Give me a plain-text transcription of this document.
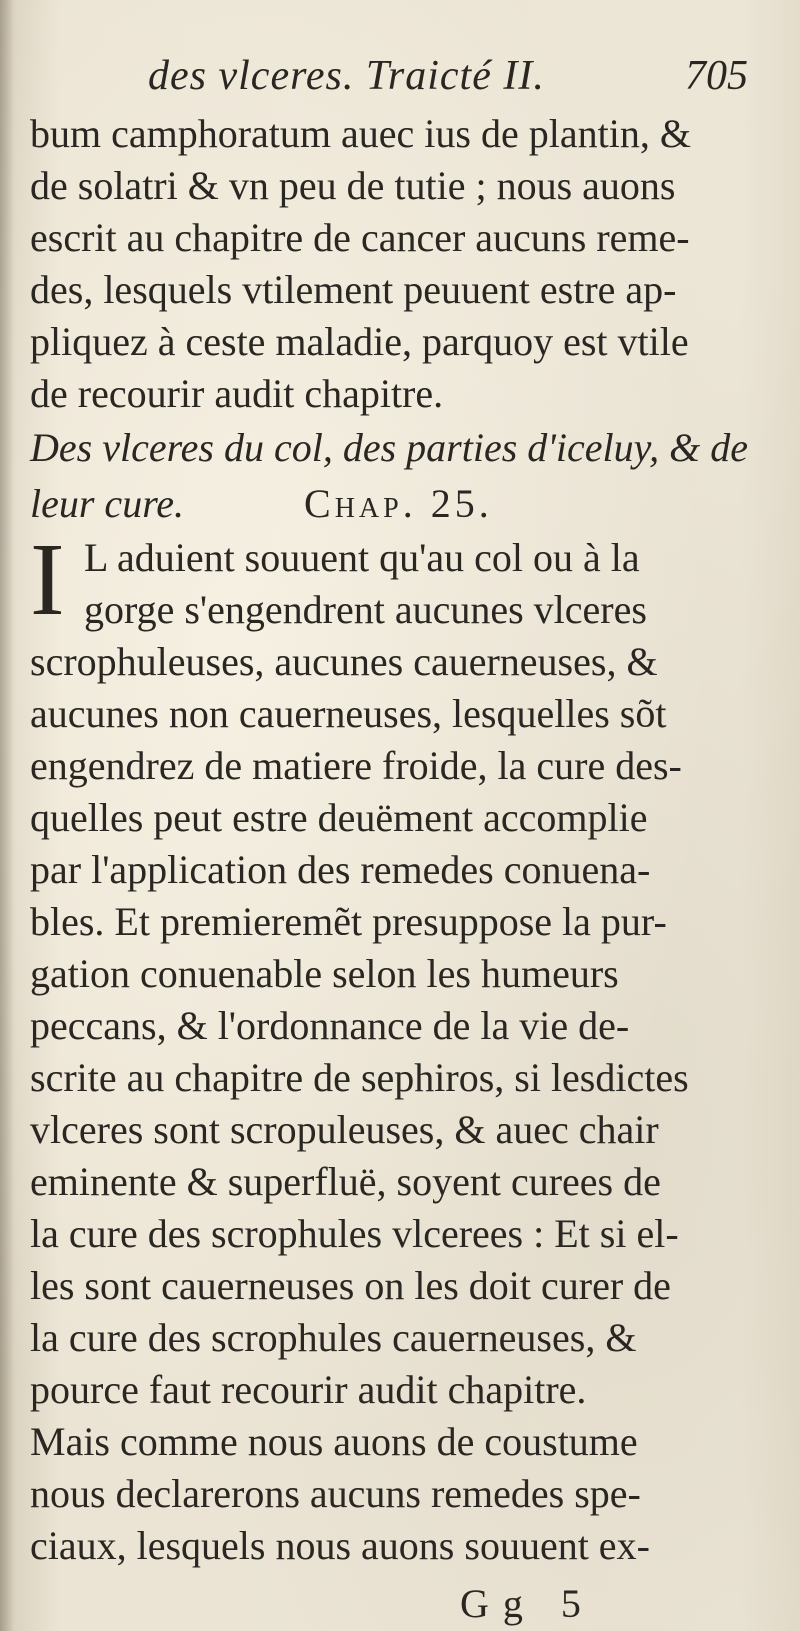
des vlceres. Traicté II.	705
bum camphoratum auec ius de plantin, &
de solatri & vn peu de tutie ; nous auons
escrit au chapitre de cancer aucuns reme-
des, lesquels vtilement peuuent estre ap-
pliquez à ceste maladie, parquoy est vtile
de recourir audit chapitre.
Des vlceres du col, des parties d'iceluy, & de
leur cure.	Chap. 25.
I L aduient souuent qu'au col ou à la
gorge s'engendrent aucunes vlceres
scrophuleuses, aucunes cauerneuses, &
aucunes non cauerneuses, lesquelles sõt
engendrez de matiere froide, la cure des-
quelles peut estre deuëment accomplie
par l'application des remedes conuena-
bles. Et premieremẽt presuppose la pur-
gation conuenable selon les humeurs
peccans, & l'ordonnance de la vie de-
scrite au chapitre de sephiros, si lesdictes
vlceres sont scropuleuses, & auec chair
eminente & superfluë, soyent curees de
la cure des scrophules vlcerees : Et si el-
les sont cauerneuses on les doit curer de
la cure des scrophules cauerneuses, &
pource faut recourir audit chapitre.
Mais comme nous auons de coustume
nous declarerons aucuns remedes spe-
ciaux, lesquels nous auons souuent ex-
Gg 5
